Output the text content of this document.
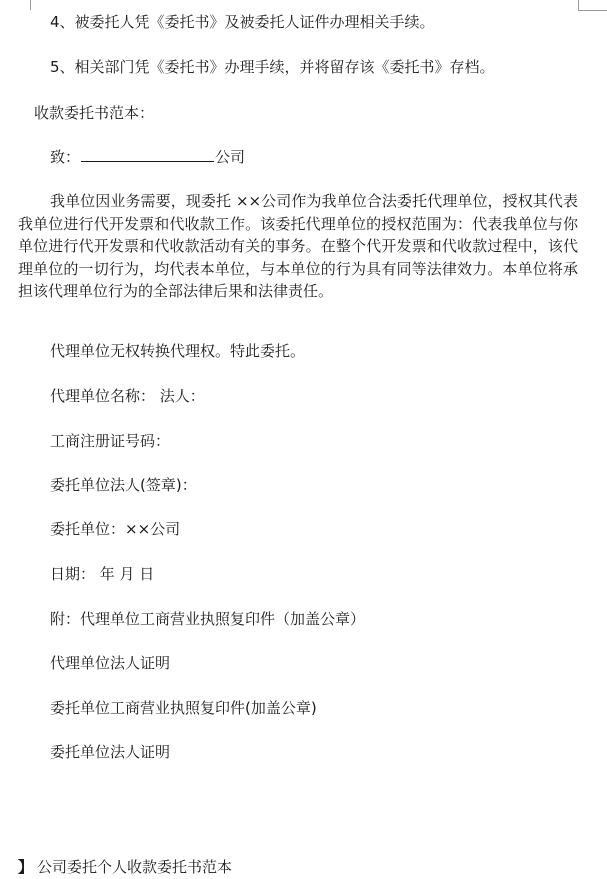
4、被委托人凭《委托书》及被委托人证件办理相关手续。
5、相关部门凭《委托书》办理手续，并将留存该《委托书》存档。
收款委托书范本：
致：	公司
我单位因业务需要，现委托 ××公司作为我单位合法委托代理单位，授权其代表我单位进行代开发票和代收款工作。该委托代理单位的授权范围为：代表我单位与你单位进行代开发票和代收款活动有关的事务。在整个代开发票和代收款过程中，该代理单位的一切行为，均代表本单位，与本单位的行为具有同等法律效力。本单位将承担该代理单位行为的全部法律后果和法律责任。
代理单位无权转换代理权。特此委托。
代理单位名称： 法人：
工商注册证号码：
委托单位法人(签章)：
委托单位：××公司
日期： 年 月 日
附：代理单位工商营业执照复印件（加盖公章）
代理单位法人证明
委托单位工商营业执照复印件(加盖公章)
委托单位法人证明
】 公司委托个人收款委托书范本
